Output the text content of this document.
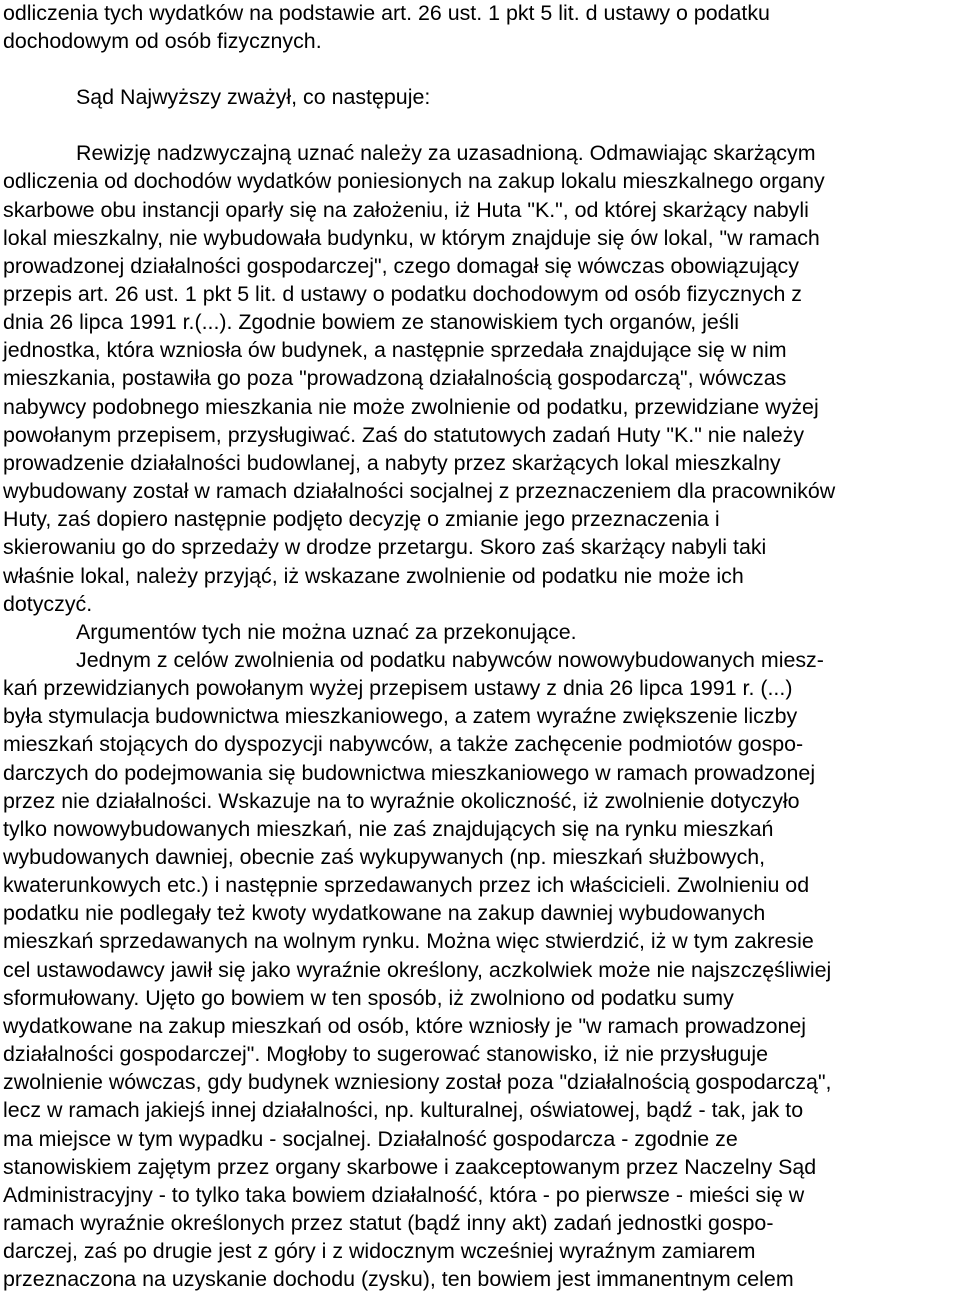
odliczenia tych wydatków na podstawie art. 26 ust. 1 pkt 5 lit. d ustawy o podatku
dochodowym od osób fizycznych.
Sąd Najwyższy zważył, co następuje:
Rewizję nadzwyczajną uznać należy za uzasadnioną. Odmawiając skarżącym
odliczenia od dochodów wydatków poniesionych na zakup lokalu mieszkalnego organy
skarbowe obu instancji oparły się na założeniu, iż Huta "K.", od której skarżący nabyli
lokal mieszkalny, nie wybudowała budynku, w którym znajduje się ów lokal, "w ramach
prowadzonej działalności gospodarczej", czego domagał się wówczas obowiązujący
przepis art. 26 ust. 1 pkt 5 lit. d ustawy o podatku dochodowym od osób fizycznych z
dnia 26 lipca 1991 r.(...). Zgodnie bowiem ze stanowiskiem tych organów, jeśli
jednostka, która wzniosła ów budynek, a następnie sprzedała znajdujące się w nim
mieszkania, postawiła go poza "prowadzoną działalnością gospodarczą", wówczas
nabywcy podobnego mieszkania nie może zwolnienie od podatku, przewidziane wyżej
powołanym przepisem, przysługiwać. Zaś do statutowych zadań Huty "K." nie należy
prowadzenie działalności budowlanej, a nabyty przez skarżących lokal mieszkalny
wybudowany został w ramach działalności socjalnej z przeznaczeniem dla pracowników
Huty, zaś dopiero następnie podjęto decyzję o zmianie jego przeznaczenia i
skierowaniu go do sprzedaży w drodze przetargu. Skoro zaś skarżący nabyli taki
właśnie lokal, należy przyjąć, iż wskazane zwolnienie od podatku nie może ich
dotyczyć.
Argumentów tych nie można uznać za przekonujące.
Jednym z celów zwolnienia od podatku nabywców nowowybudowanych miesz-
kań przewidzianych powołanym wyżej przepisem ustawy z dnia 26 lipca 1991 r. (...)
była stymulacja budownictwa mieszkaniowego, a zatem wyraźne zwiększenie liczby
mieszkań stojących do dyspozycji nabywców, a także zachęcenie podmiotów gospo-
darczych do podejmowania się budownictwa mieszkaniowego w ramach prowadzonej
przez nie działalności. Wskazuje na to wyraźnie okoliczność, iż zwolnienie dotyczyło
tylko nowowybudowanych mieszkań, nie zaś znajdujących się na rynku mieszkań
wybudowanych dawniej, obecnie zaś wykupywanych (np. mieszkań służbowych,
kwaterunkowych etc.) i następnie sprzedawanych przez ich właścicieli. Zwolnieniu od
podatku nie podlegały też kwoty wydatkowane na zakup dawniej wybudowanych
mieszkań sprzedawanych na wolnym rynku. Można więc stwierdzić, iż w tym zakresie
cel ustawodawcy jawił się jako wyraźnie określony, aczkolwiek może nie najszczęśliwiej
sformułowany. Ujęto go bowiem w ten sposób, iż zwolniono od podatku sumy
wydatkowane na zakup mieszkań od osób, które wzniosły je "w ramach prowadzonej
działalności gospodarczej". Mogłoby to sugerować stanowisko, iż nie przysługuje
zwolnienie wówczas, gdy budynek wzniesiony został poza "działalnością gospodarczą",
lecz w ramach jakiejś innej działalności, np. kulturalnej, oświatowej, bądź - tak, jak to
ma miejsce w tym wypadku - socjalnej. Działalność gospodarcza - zgodnie ze
stanowiskiem zajętym przez organy skarbowe i zaakceptowanym przez Naczelny Sąd
Administracyjny - to tylko taka bowiem działalność, która - po pierwsze - mieści się w
ramach wyraźnie określonych przez statut (bądź inny akt) zadań jednostki gospo-
darczej, zaś po drugie jest z góry i z widocznym wcześniej wyraźnym zamiarem
przeznaczona na uzyskanie dochodu (zysku), ten bowiem jest immanentnym celem
